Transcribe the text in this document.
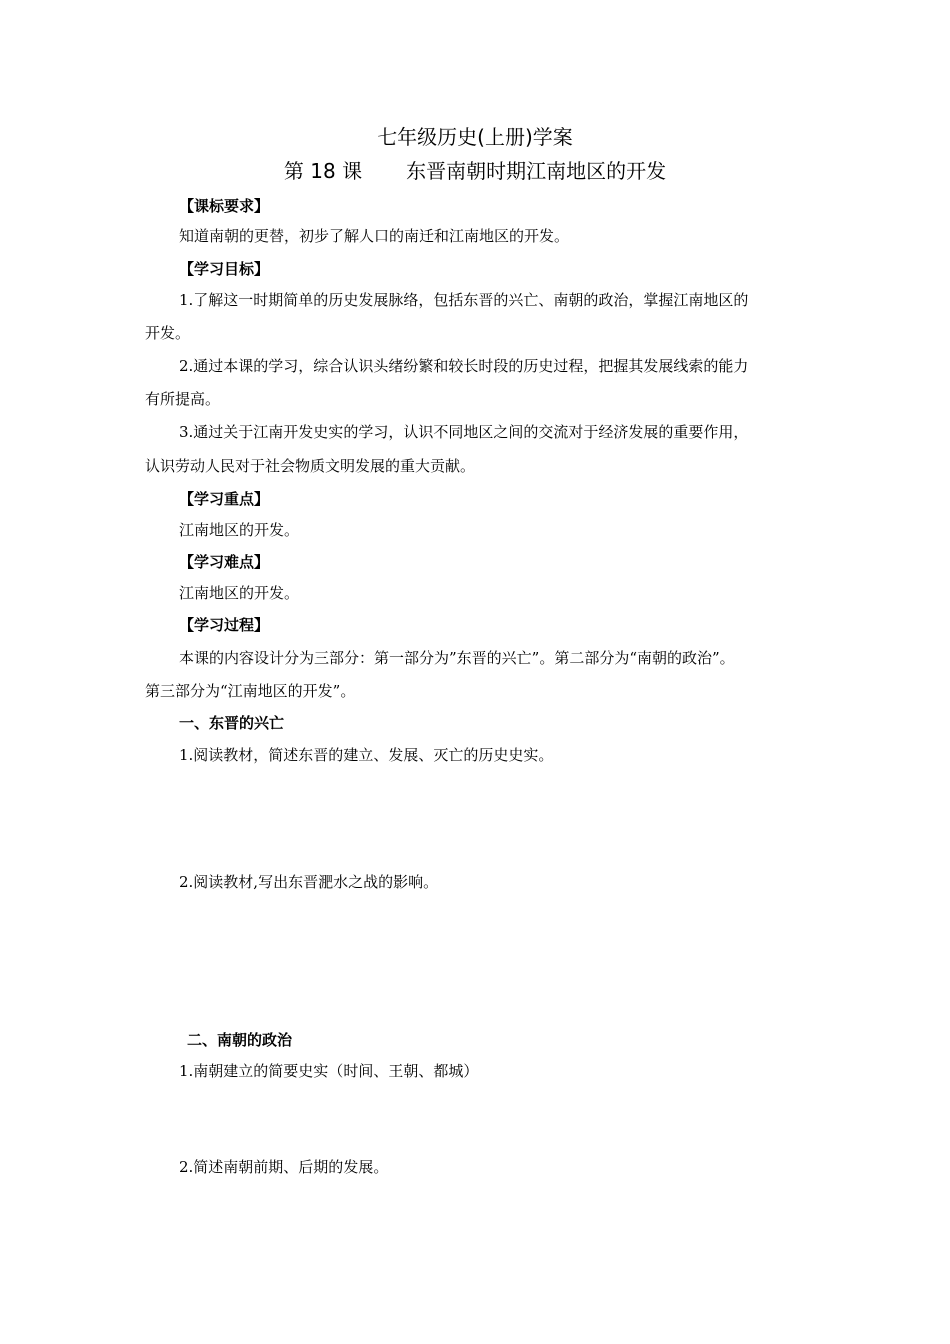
七年级历史(上册)学案
第 18 课 东晋南朝时期江南地区的开发
【课标要求】
知道南朝的更替，初步了解人口的南迁和江南地区的开发。
【学习目标】
1.了解这一时期简单的历史发展脉络，包括东晋的兴亡、南朝的政治，掌握江南地区的
开发。
2.通过本课的学习，综合认识头绪纷繁和较长时段的历史过程，把握其发展线索的能力
有所提高。
3.通过关于江南开发史实的学习，认识不同地区之间的交流对于经济发展的重要作用，
认识劳动人民对于社会物质文明发展的重大贡献。
【学习重点】
江南地区的开发。
【学习难点】
江南地区的开发。
【学习过程】
本课的内容设计分为三部分：第一部分为”东晋的兴亡”。第二部分为“南朝的政治”。
第三部分为“江南地区的开发”。
一、东晋的兴亡
1.阅读教材，简述东晋的建立、发展、灭亡的历史史实。
2.阅读教材,写出东晋淝水之战的影响。
二、南朝的政治
1.南朝建立的简要史实（时间、王朝、都城）
2.简述南朝前期、后期的发展。
